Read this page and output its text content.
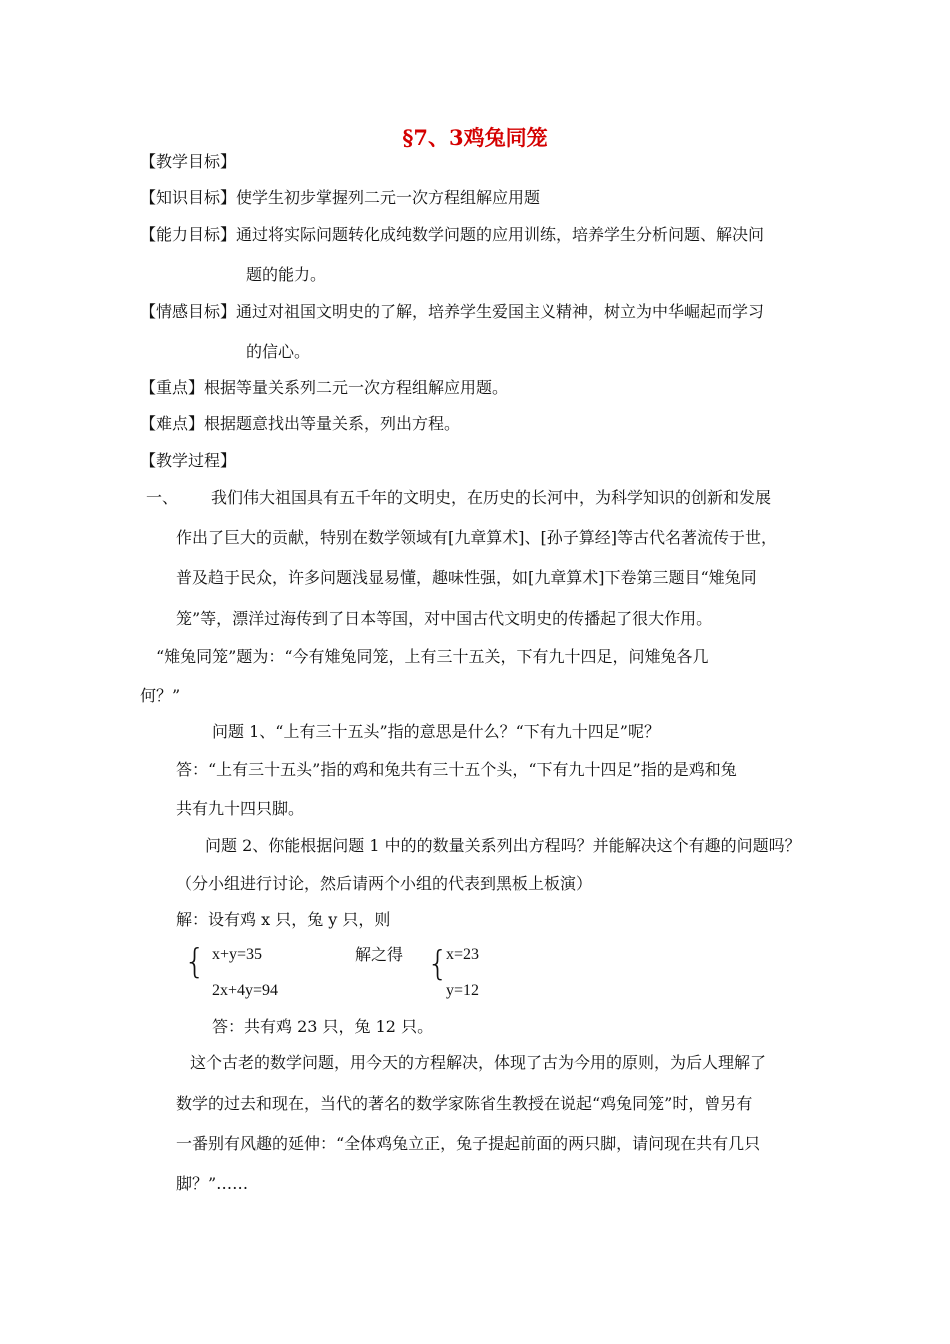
§7、3鸡兔同笼
【教学目标】
【知识目标】使学生初步掌握列二元一次方程组解应用题
【能力目标】通过将实际问题转化成纯数学问题的应用训练，培养学生分析问题、解决问
题的能力。
【情感目标】通过对祖国文明史的了解，培养学生爱国主义精神，树立为中华崛起而学习
的信心。
【重点】根据等量关系列二元一次方程组解应用题。
【难点】根据题意找出等量关系，列出方程。
【教学过程】
一、 我们伟大祖国具有五千年的文明史，在历史的长河中，为科学知识的创新和发展
作出了巨大的贡献，特别在数学领域有[九章算术]、[孙子算经]等古代名著流传于世，
普及趋于民众，许多问题浅显易懂，趣味性强，如[九章算术]下卷第三题目“雉兔同
笼”等，漂洋过海传到了日本等国，对中国古代文明史的传播起了很大作用。
“雉兔同笼”题为：“今有雉兔同笼，上有三十五关，下有九十四足，问雉兔各几
何？”
问题 1、“上有三十五头”指的意思是什么？“下有九十四足”呢？
答：“上有三十五头”指的鸡和兔共有三十五个头，“下有九十四足”指的是鸡和兔
共有九十四只脚。
问题 2、你能根据问题 1 中的的数量关系列出方程吗？并能解决这个有趣的问题吗？
（分小组进行讨论，然后请两个小组的代表到黑板上板演）
解：设有鸡 x 只，兔 y 只，则
{ x+y=35
2x+4y=94
解之得 {
x=23
y=12
答：共有鸡 23 只，兔 12 只。
这个古老的数学问题，用今天的方程解决，体现了古为今用的原则，为后人理解了
数学的过去和现在，当代的著名的数学家陈省生教授在说起“鸡兔同笼”时，曾另有
一番别有风趣的延伸：“全体鸡兔立正，兔子提起前面的两只脚，请问现在共有几只
脚？”……
